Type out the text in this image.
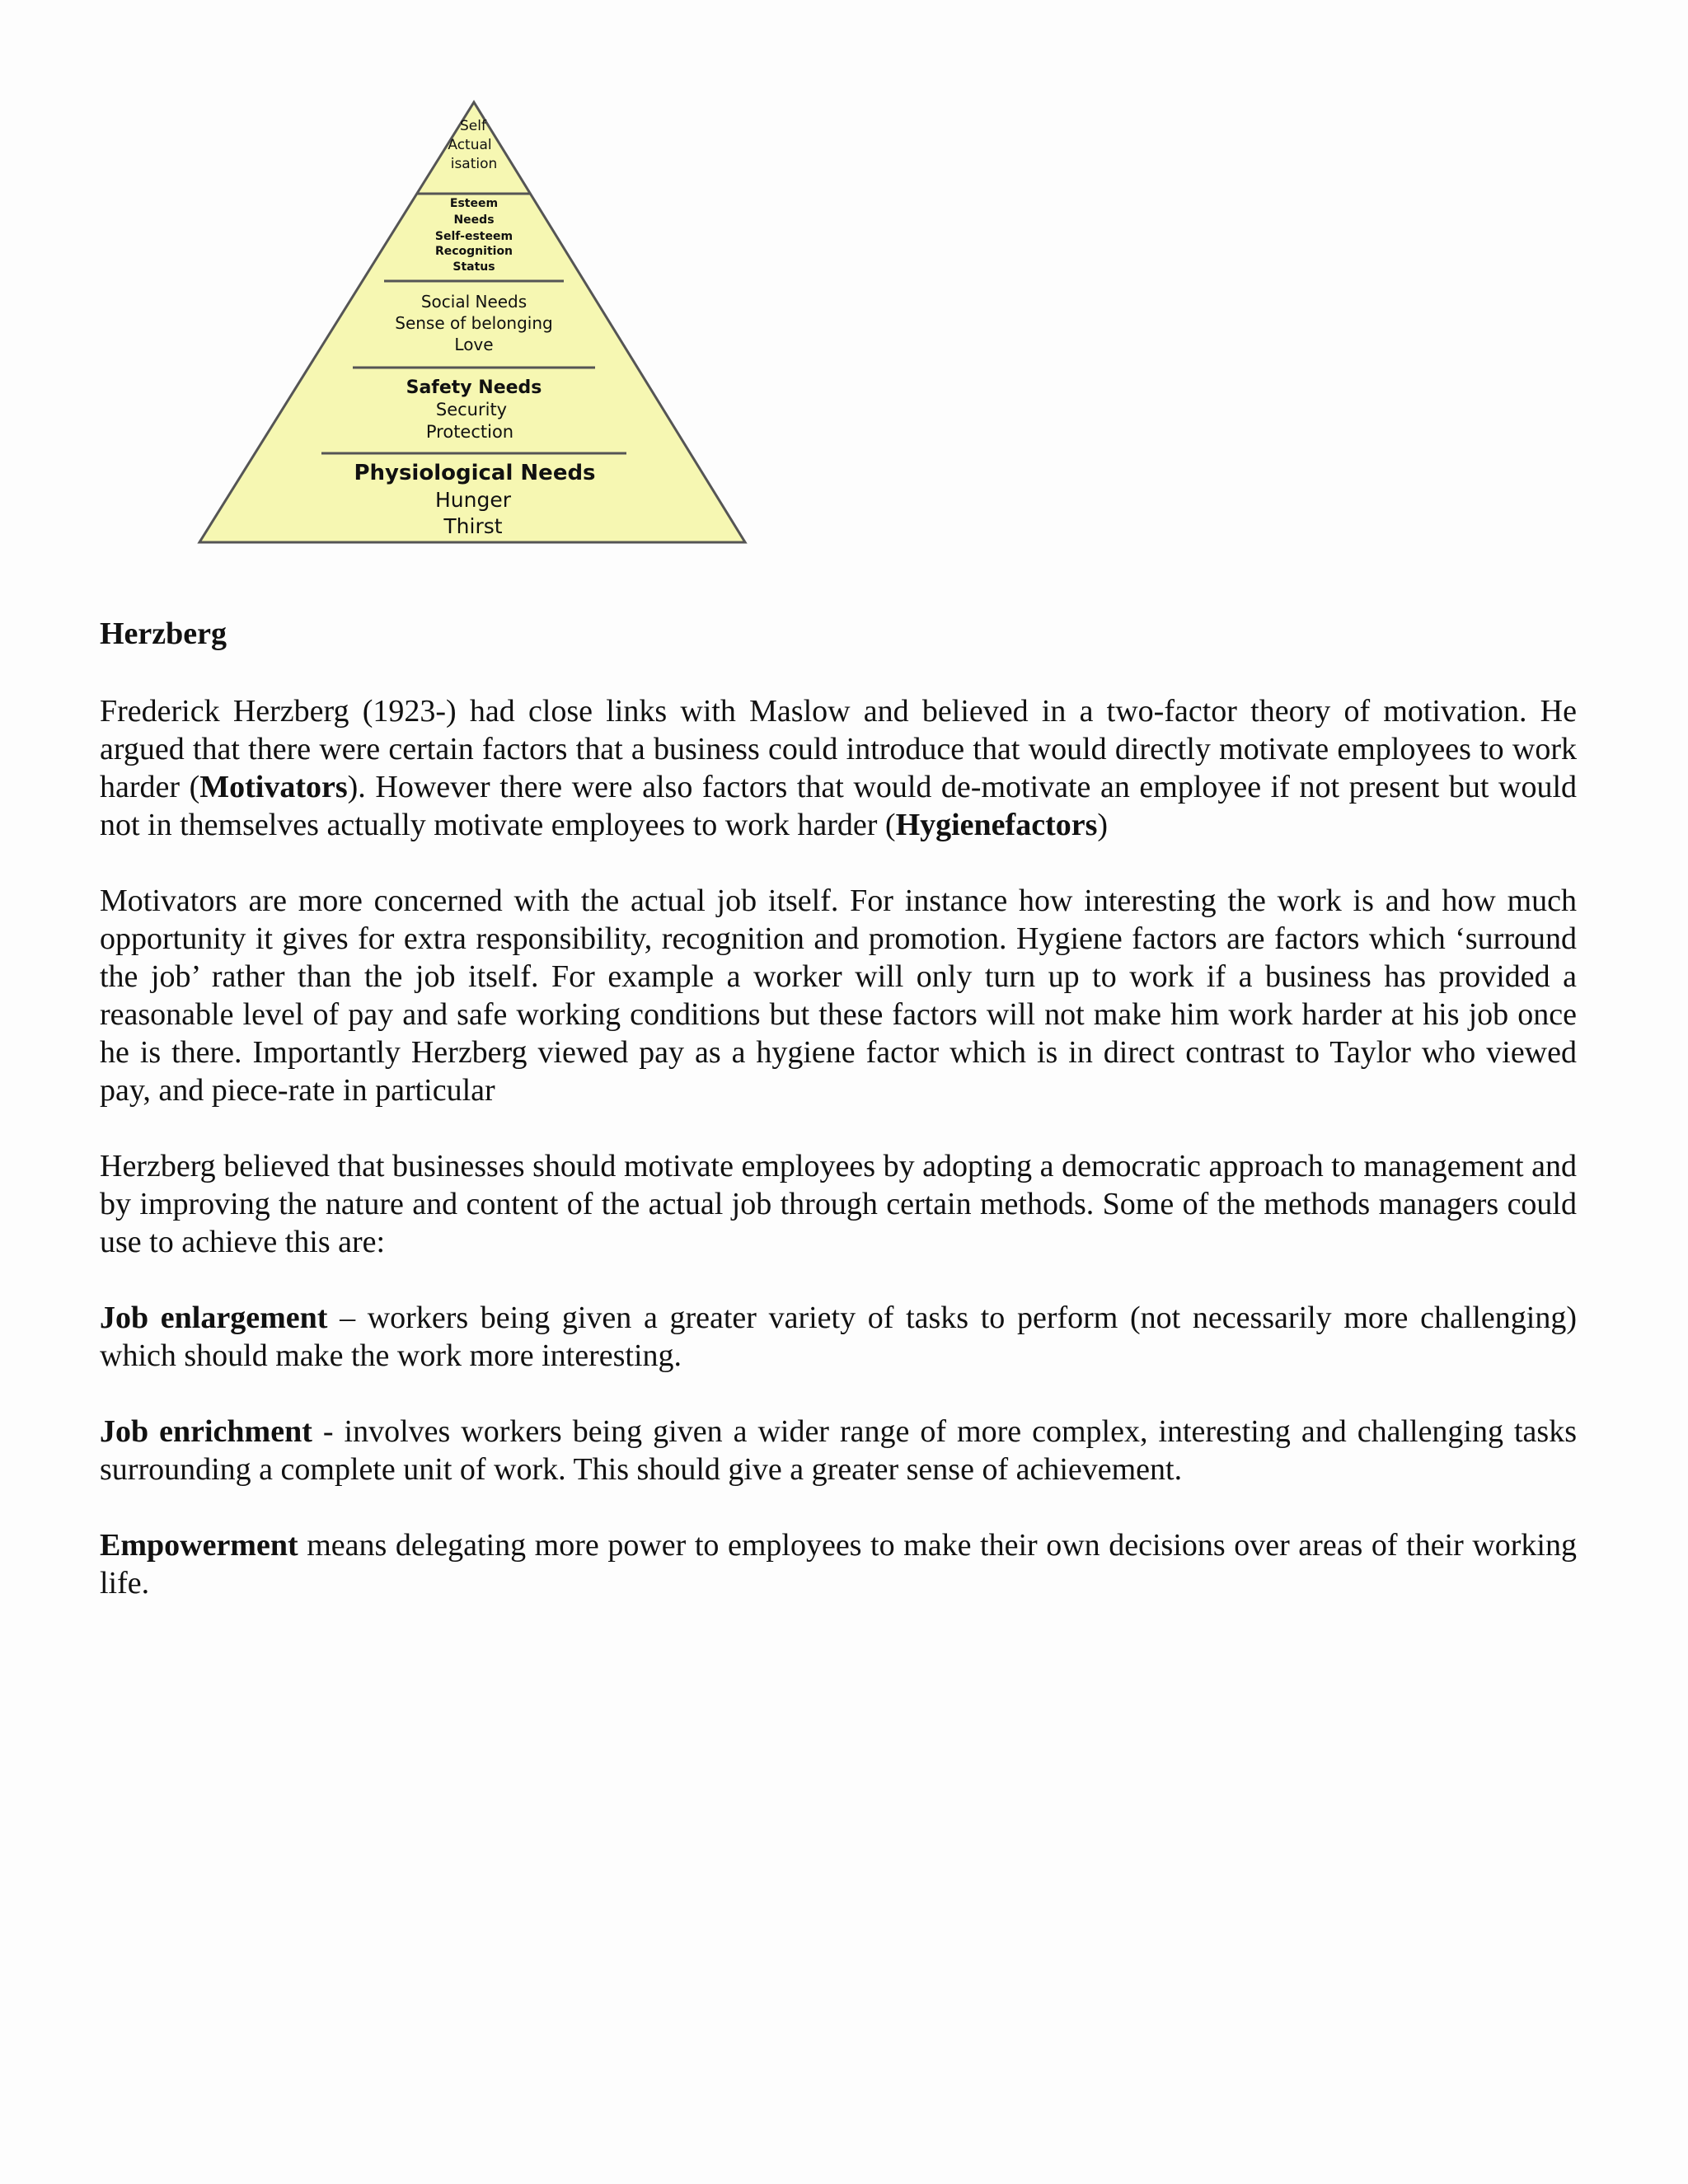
Self
Actual
isation
Esteem
Needs
Self-esteem
Recognition
Status
Social Needs
Sense of belonging
Love
Safety Needs
Security
Protection
Physiological Needs
Hunger
Thirst
Herzberg

Frederick Herzberg (1923-) had close links with Maslow and believed in a two-factor theory of motivation. He argued that there were certain factors that a business could introduce that would directly motivate employees to work harder (Motivators). However there were also factors that would de-motivate an employee if not present but would not in themselves actually motivate employees to work harder (Hygienefactors)

Motivators are more concerned with the actual job itself. For instance how interesting the work is and how much opportunity it gives for extra responsibility, recognition and promotion. Hygiene factors are factors which ‘surround the job’ rather than the job itself. For example a worker will only turn up to work if a business has provided a reasonable level of pay and safe working conditions but these factors will not make him work harder at his job once he is there. Importantly Herzberg viewed pay as a hygiene factor which is in direct contrast to Taylor who viewed pay, and piece-rate in particular

Herzberg believed that businesses should motivate employees by adopting a democratic approach to management and by improving the nature and content of the actual job through certain methods. Some of the methods managers could use to achieve this are:

Job enlargement – workers being given a greater variety of tasks to perform (not necessarily more challenging) which should make the work more interesting.

Job enrichment - involves workers being given a wider range of more complex, interesting and challenging tasks surrounding a complete unit of work. This should give a greater sense of achievement.

Empowerment means delegating more power to employees to make their own decisions over areas of their working life.
